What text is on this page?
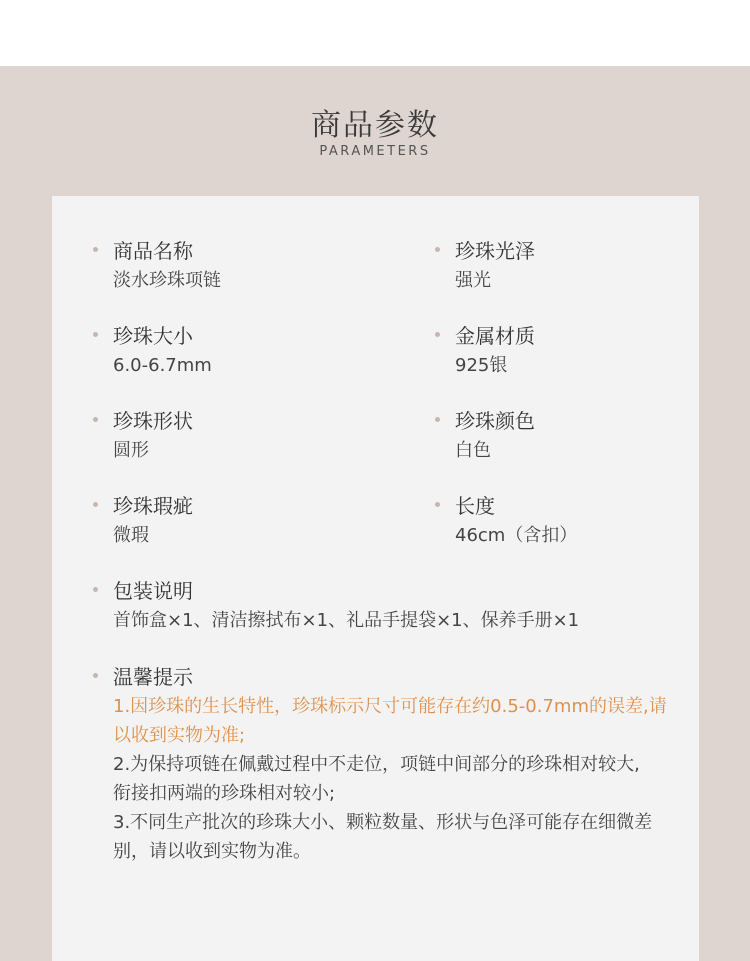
商品参数
PARAMETERS
商品名称
淡水珍珠项链
珍珠光泽
强光
珍珠大小
6.0-6.7mm
金属材质
925银
珍珠形状
圆形
珍珠颜色
白色
珍珠瑕疵
微瑕
长度
46cm（含扣）
包装说明
首饰盒×1、清洁擦拭布×1、礼品手提袋×1、保养手册×1
温馨提示
1.因珍珠的生长特性，珍珠标示尺寸可能存在约0.5-0.7mm的误差,请
以收到实物为准;
2.为保持项链在佩戴过程中不走位，项链中间部分的珍珠相对较大,
衔接扣两端的珍珠相对较小;
3.不同生产批次的珍珠大小、颗粒数量、形状与色泽可能存在细微差
别，请以收到实物为准。
